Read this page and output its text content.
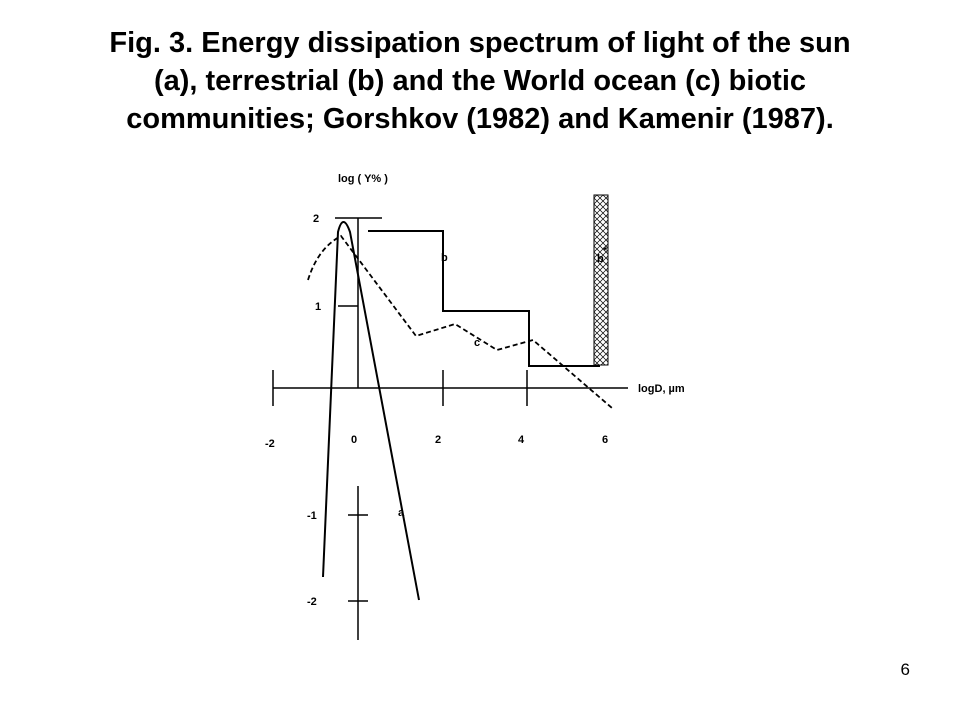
Fig. 3. Energy dissipation spectrum of light of the sun
(a), terrestrial (b) and the World ocean (c) biotic
communities; Gorshkov (1982) and Kamenir (1987).
log ( Y% )
logD, µm
-2	0	2	4	6
2
1
-1
-2
a
b
c
b
*
6
